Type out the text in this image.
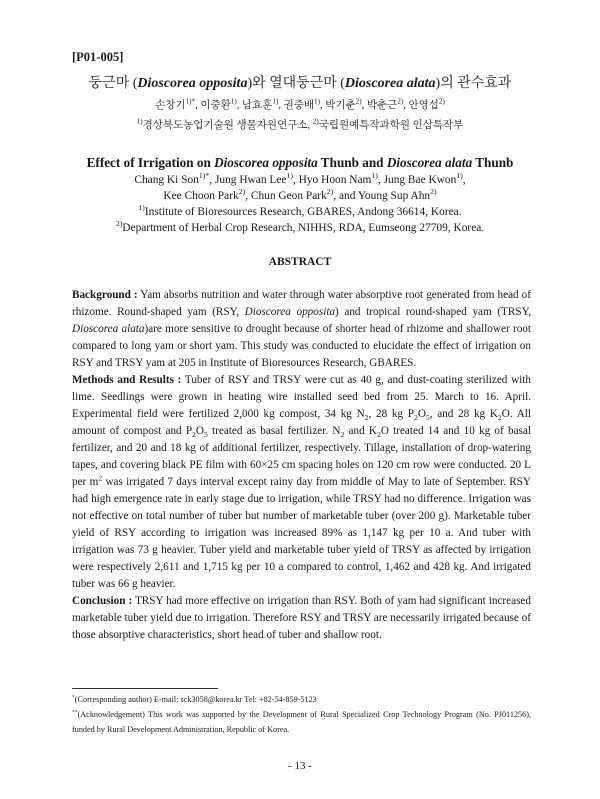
[P01-005]
둥근마 (Dioscorea opposita)와 열대둥근마 (Dioscorea alata)의 관수효과
손창기$^{1)*}$, 이중환$^{1)}$, 남효훈$^{1)}$, 권중배$^{1)}$, 박기춘$^{2)}$, 박춘근$^{2)}$, 안영섭$^{2)}$
$^{1)}$경상북도농업기술원 생물자원연구소, $^{2)}$국립원예특작과학원 인삼특작부
Effect of Irrigation on Dioscorea opposita Thunb and Dioscorea alata Thunb
Chang Ki Son$^{1)*}$, Jung Hwan Lee$^{1)}$, Hyo Hoon Nam$^{1)}$, Jung Bae Kwon$^{1)}$,
Kee Choon Park$^{2)}$, Chun Geon Park$^{2)}$, and Young Sup Ahn$^{2)}$
$^{1)}$Institute of Bioresources Research, GBARES, Andong 36614, Korea.
$^{2)}$Department of Herbal Crop Research, NIHHS, RDA, Eumseong 27709, Korea.
ABSTRACT

Background : Yam absorbs nutrition and water through water absorptive root generated from head of rhizome. Round-shaped yam (RSY, Dioscorea opposita) and tropical round-shaped yam (TRSY, Dioscorea alata)are more sensitive to drought because of shorter head of rhizome and shallower root compared to long yam or short yam. This study was conducted to elucidate the effect of irrigation on RSY and TRSY yam at 205 in Institute of Bioresources Research, GBARES.

Methods and Results : Tuber of RSY and TRSY were cut as 40 g, and dust-coating sterilized with lime. Seedlings were grown in heating wire installed seed bed from 25. March to 16. April. Experimental field were fertilized 2,000 kg compost, 34 kg $N_2$, 28 kg $P_2O_5$, and 28 kg $K_2O$. All amount of compost and $P_2O_5$ treated as basal fertilizer. $N_2$ and $K_2O$ treated 14 and 10 kg of basal fertilizer, and 20 and 18 kg of additional fertilizer, respectively. Tillage, installation of drop-watering tapes, and covering black PE film with 60×25 cm spacing holes on 120 cm row were conducted. 20 L per $m^2$ was irrigated 7 days interval except rainy day from middle of May to late of September. RSY had high emergence rate in early stage due to irrigation, while TRSY had no difference. Irrigation was not effective on total number of tuber but number of marketable tuber (over 200 g). Marketable tuber yield of RSY according to irrigation was increased 89% as 1,147 kg per 10 a. And tuber with irrigation was 73 g heavier. Tuber yield and marketable tuber yield of TRSY as affected by irrigation were respectively 2,611 and 1,715 kg per 10 a compared to control, 1,462 and 428 kg. And irrigated tuber was 66 g heavier.

Conclusion : TRSY had more effective on irrigation than RSY. Both of yam had significant increased marketable tuber yield due to irrigation. Therefore RSY and TRSY are necessarily irrigated because of those absorptive characteristics, short head of tuber and shallow root.

*(Corresponding author) E-mail: sck3058@korea.kr Tel: +82-54-859-5123
**(Acknowledgement) This work was supported by the Development of Rural Specialized Crop Technology Program (No. PJ011256), funded by Rural Development Administration, Republic of Korea.
- 13 -
